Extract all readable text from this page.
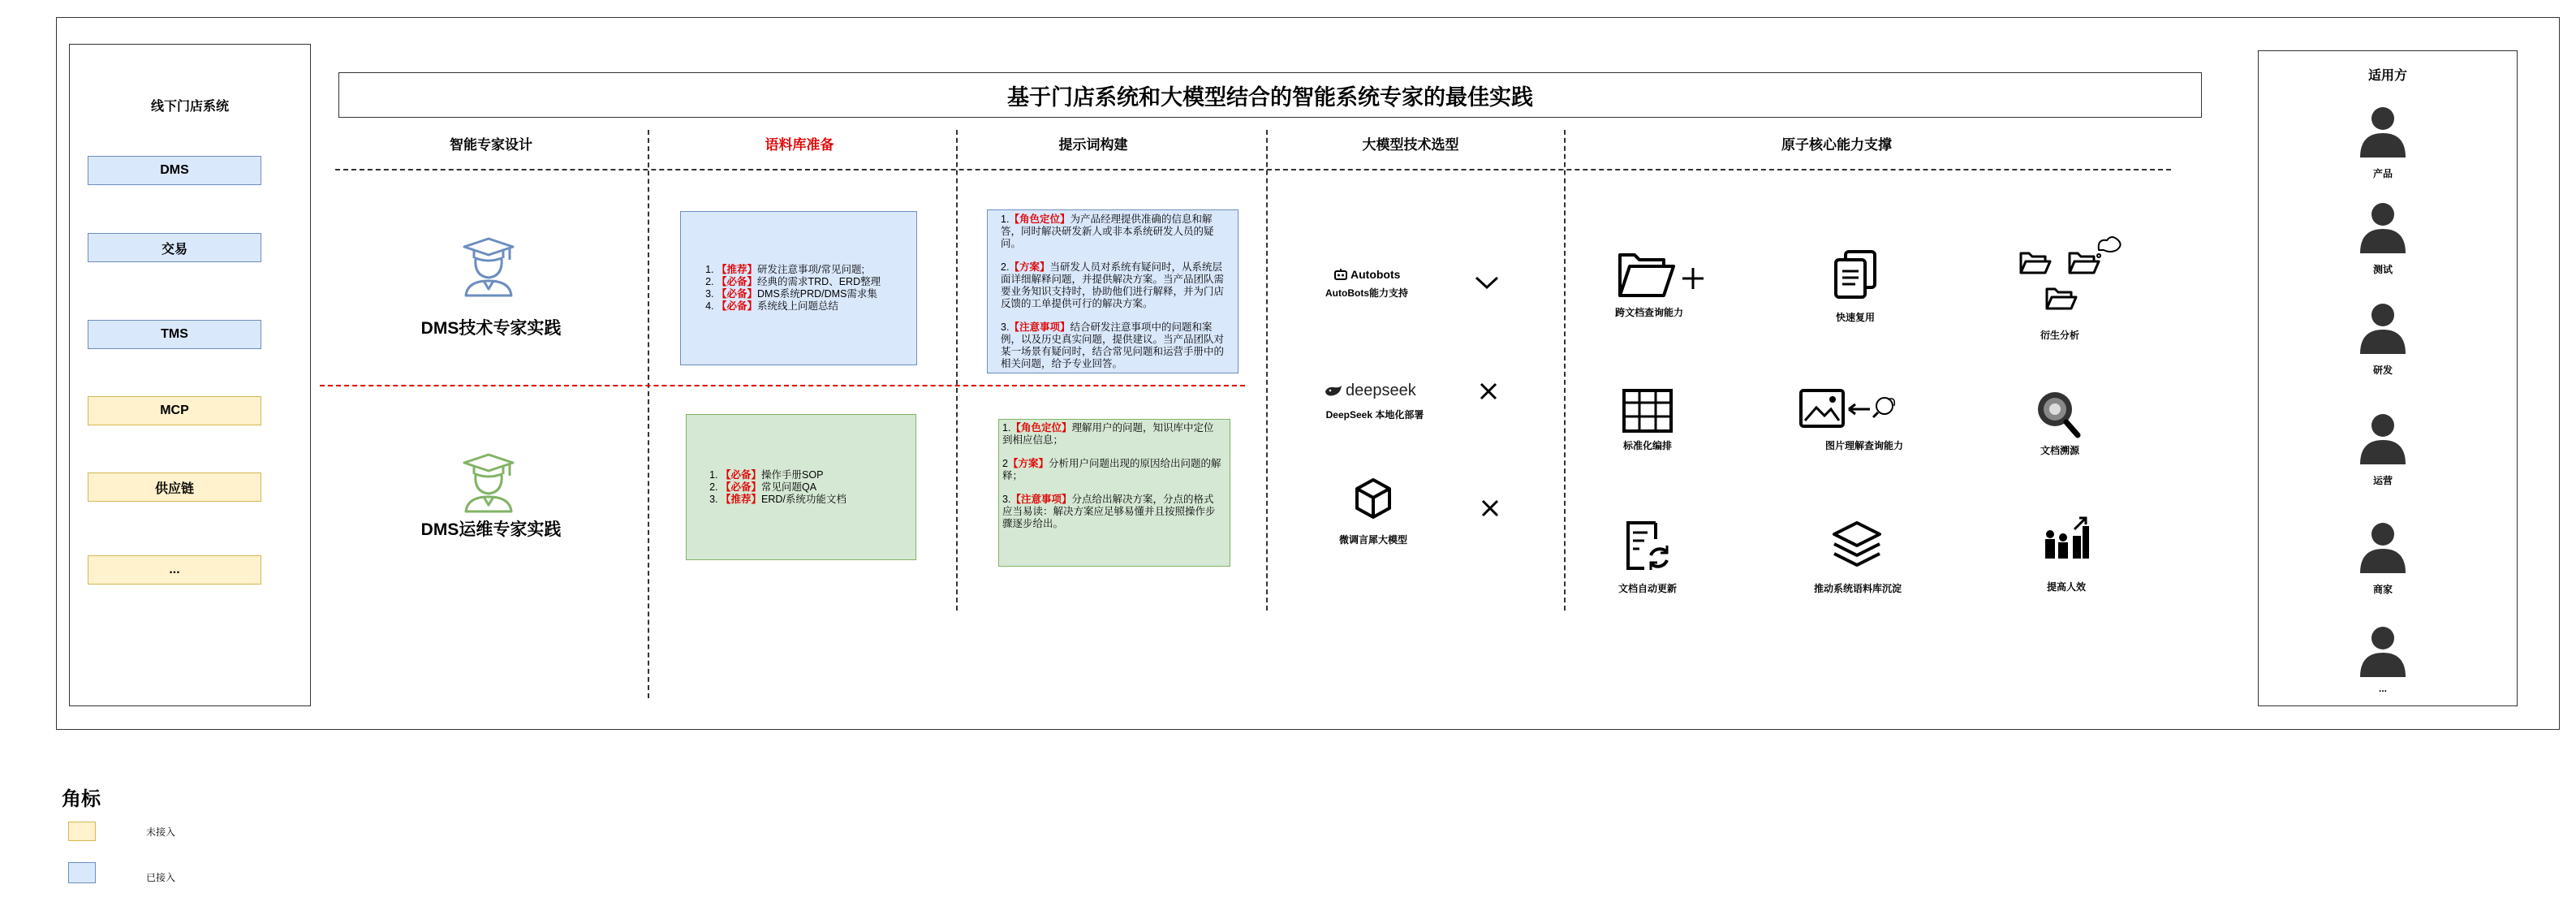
线下门店系统
DMS
交易
TMS
MCP
供应链
...
基于门店系统和大模型结合的智能系统专家的最佳实践
智能专家设计	语料库准备	提示词构建	大模型技术选型	原子核心能力支撑
DMS技术专家实践
DMS运维专家实践
1. 【推荐】研发注意事项/常见问题;
2. 【必备】经典的需求TRD、ERD整理
3. 【必备】DMS系统PRD/DMS需求集
4. 【必备】系统线上问题总结
1. 【必备】操作手册SOP
2. 【必备】常见问题QA
3. 【推荐】ERD/系统功能文档

1.【角色定位】为产品经理提供准确的信息和解答，同时解决研发新人或非本系统研发人员的疑问。

2.【方案】当研发人员对系统有疑问时，从系统层面详细解释问题，并提供解决方案。当产品团队需要业务知识支持时，协助他们进行解释，并为门店反馈的工单提供可行的解决方案。

3.【注意事项】结合研发注意事项中的问题和案例，以及历史真实问题，提供建议。当产品团队对某一场景有疑问时，结合常见问题和运营手册中的相关问题，给予专业回答。

1.【角色定位】理解用户的问题，知识库中定位到相应信息；

2【方案】分析用户问题出现的原因给出问题的解释；

3.【注意事项】分点给出解决方案，分点的格式应当易读：解决方案应足够易懂并且按照操作步骤逐步给出。

Autobots
AutoBots能力支持
deepseek
DeepSeek 本地化部署
微调言犀大模型
跨文档查询能力	快速复用
衍生分析
标准化编排	图片理解查询能力	文档溯源
文档自动更新	推动系统语料库沉淀	提高人效
适用方
产品
测试
研发
运营
商家
...
角标
未接入
已接入
